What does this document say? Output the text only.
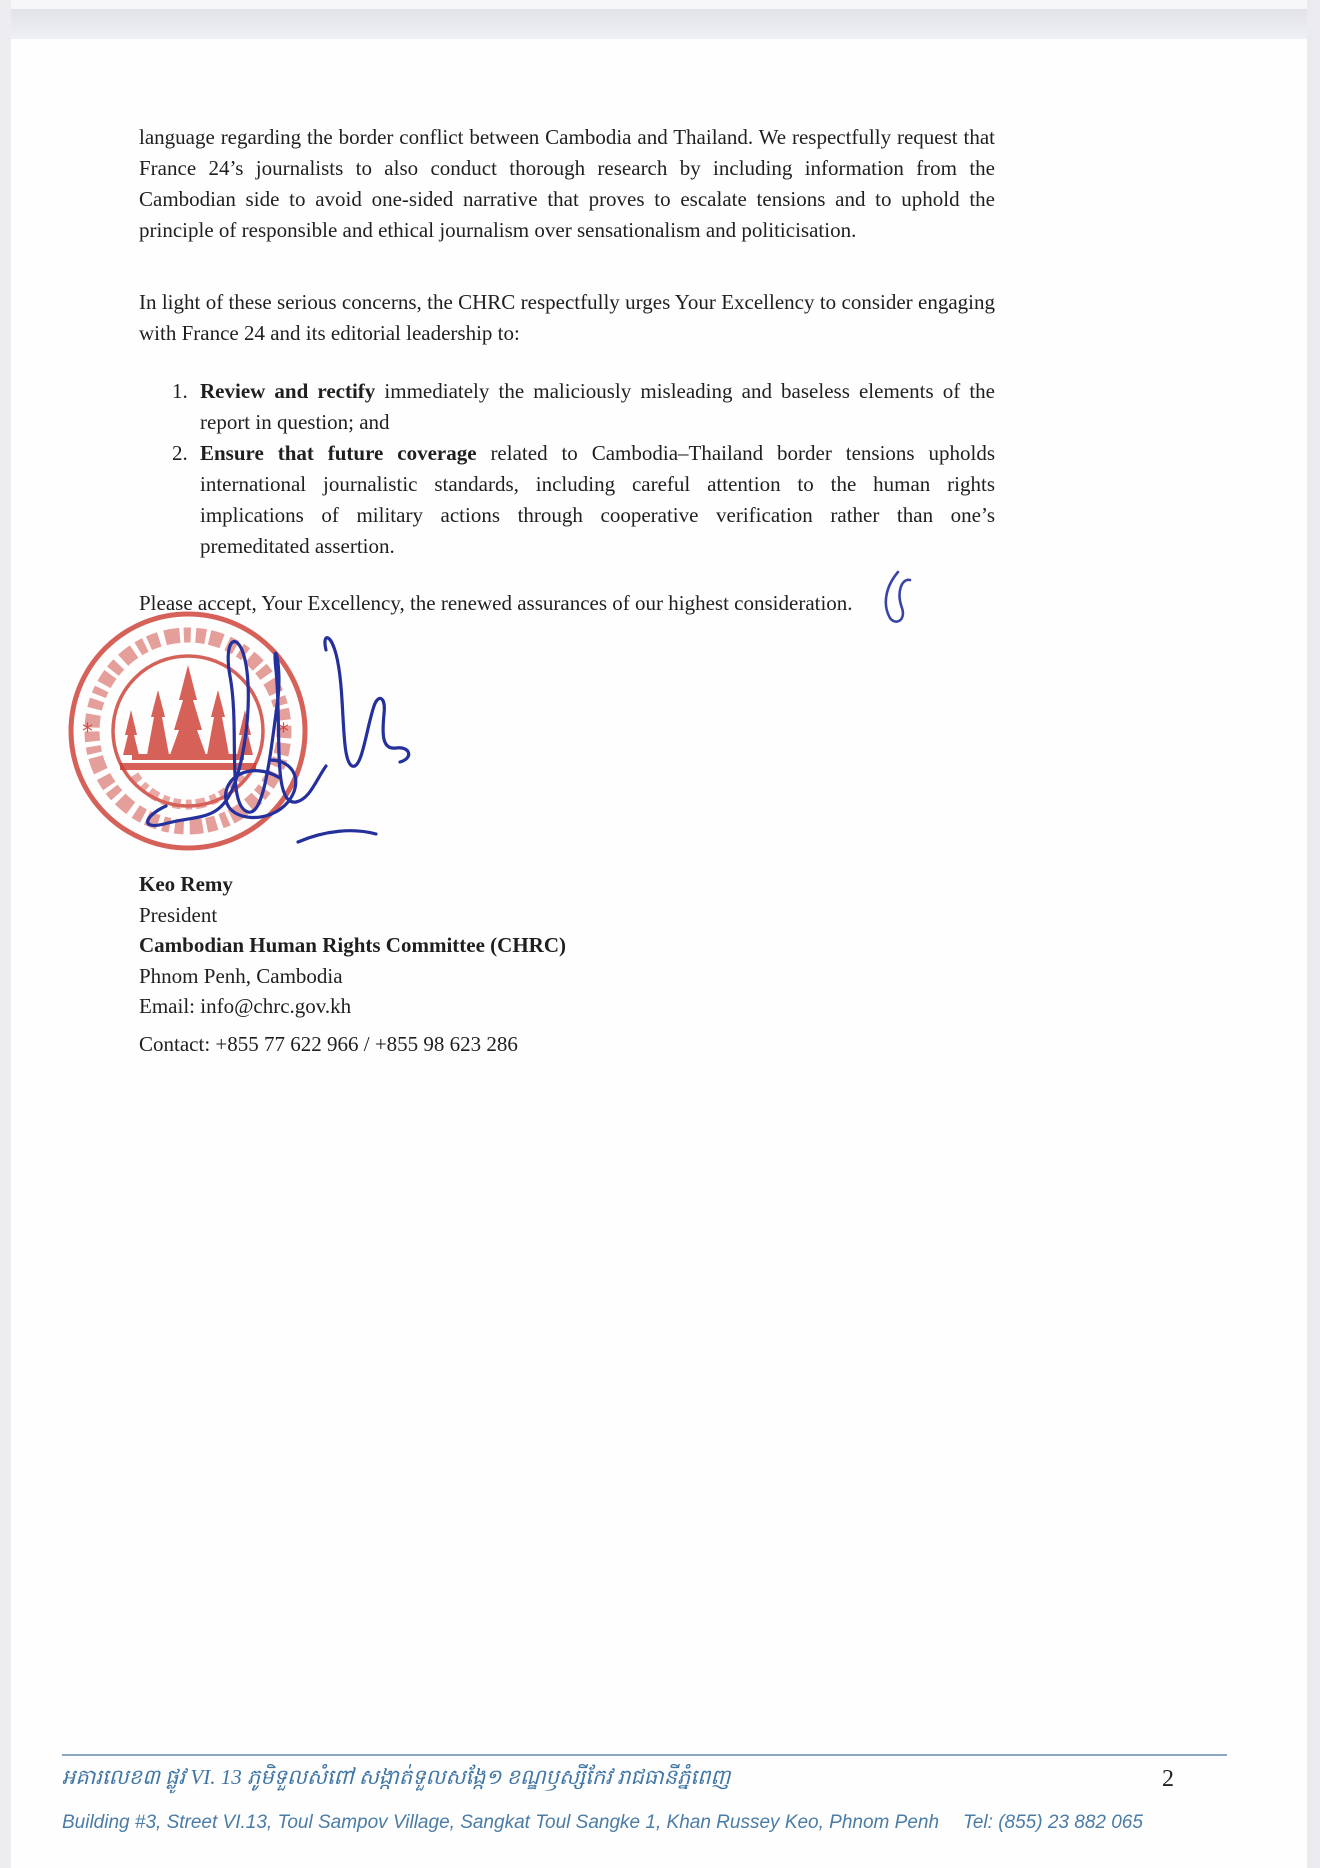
language regarding the border conflict between Cambodia and Thailand. We respectfully request that France 24’s journalists to also conduct thorough research by including information from the Cambodian side to avoid one-sided narrative that proves to escalate tensions and to uphold the principle of responsible and ethical journalism over sensationalism and politicisation.
In light of these serious concerns, the CHRC respectfully urges Your Excellency to consider engaging with France 24 and its editorial leadership to:
1. Review and rectify immediately the maliciously misleading and baseless elements of the report in question; and
2. Ensure that future coverage related to Cambodia–Thailand border tensions upholds international journalistic standards, including careful attention to the human rights implications of military actions through cooperative verification rather than one’s premeditated assertion.
Please accept, Your Excellency, the renewed assurances of our highest consideration.
*	*
Keo Remy
President
Cambodian Human Rights Committee (CHRC)
Phnom Penh, Cambodia
Email: info@chrc.gov.kh
Contact: +855 77 622 966 / +855 98 623 286
អគារលេខ៣ ផ្លូវ VI. 13 ភូមិទួលសំពៅ សង្កាត់ទួលសង្កែ១ ខណ្ឌឫស្សីកែវ រាជធានីភ្នំពេញ	2
Building #3, Street VI.13, Toul Sampov Village, Sangkat Toul Sangke 1, Khan Russey Keo, Phnom Penh	Tel: (855) 23 882 065
